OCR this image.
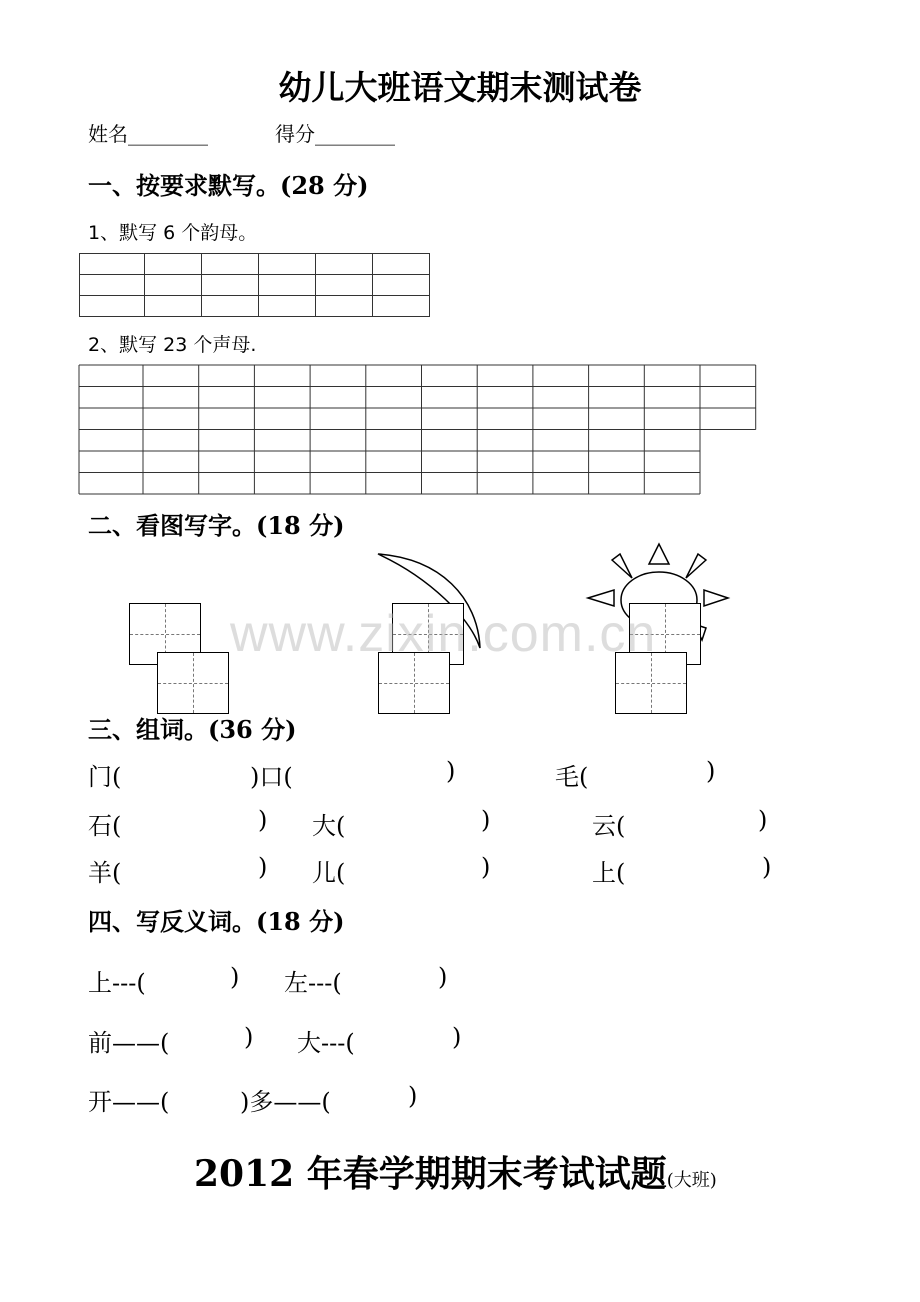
幼儿大班语文期末测试卷
姓名________	得分________
一、按要求默写。(28 分)
1、默写 6 个韵母。

2、默写 23 个声母.
二、看图写字。(18 分)
www.zixin.com.cn
三、组词。(36 分)
门(	)口(	)	毛(	)
石(	) 大(	)	云(	)
羊(	) 儿(	)	上(	)
四、写反义词。(18 分)
上---(	) 左---(	)
前——(	) 大---(	)
开——(	)多——(	)
2012 年春学期期末考试试题(大班)
